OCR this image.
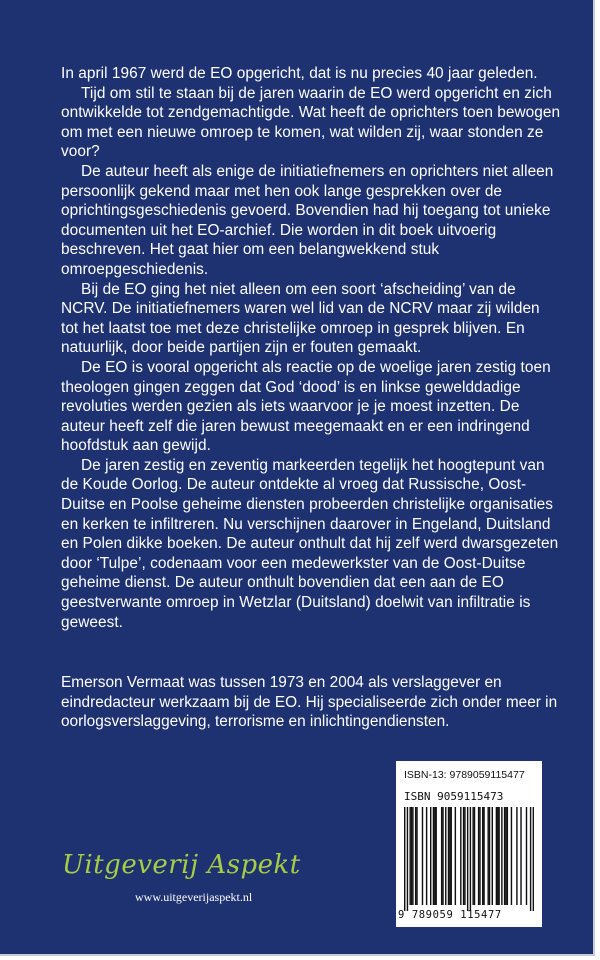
In april 1967 werd de EO opgericht, dat is nu precies 40 jaar geleden.

Tijd om stil te staan bij de jaren waarin de EO werd opgericht en zich ontwikkelde tot zendgemachtigde. Wat heeft de oprichters toen bewogen om met een nieuwe omroep te komen, wat wilden zij, waar stonden ze voor?

De auteur heeft als enige de initiatiefnemers en oprichters niet alleen persoonlijk gekend maar met hen ook lange gesprekken over de oprichtingsgeschiedenis gevoerd. Bovendien had hij toegang tot unieke documenten uit het EO-archief. Die worden in dit boek uitvoerig beschreven. Het gaat hier om een belangwekkend stuk omroepgeschiedenis.

Bij de EO ging het niet alleen om een soort ‘afscheiding’ van de NCRV. De initiatiefnemers waren wel lid van de NCRV maar zij wilden tot het laatst toe met deze christelijke omroep in gesprek blijven. En natuurlijk, door beide partijen zijn er fouten gemaakt.

De EO is vooral opgericht als reactie op de woelige jaren zestig toen theologen gingen zeggen dat God ‘dood’ is en linkse gewelddadige revoluties werden gezien als iets waarvoor je je moest inzetten. De auteur heeft zelf die jaren bewust meegemaakt en er een indringend hoofdstuk aan gewijd.

De jaren zestig en zeventig markeerden tegelijk het hoogtepunt van de Koude Oorlog. De auteur ontdekte al vroeg dat Russische, Oost-Duitse en Poolse geheime diensten probeerden christelijke organisaties en kerken te infiltreren. Nu verschijnen daarover in Engeland, Duitsland en Polen dikke boeken. De auteur onthult dat hij zelf werd dwarsgezeten door ‘Tulpe’, codenaam voor een medewerkster van de Oost-Duitse geheime dienst. De auteur onthult bovendien dat een aan de EO geestverwante omroep in Wetzlar (Duitsland) doelwit van infiltratie is geweest.

Emerson Vermaat was tussen 1973 en 2004 als verslaggever en eindredacteur werkzaam bij de EO. Hij specialiseerde zich onder meer in oorlogsverslaggeving, terrorisme en inlichtingendiensten.

Uitgeverij Aspekt

www.uitgeverijaspekt.nl

ISBN-13: 9789059115477

ISBN 9059115473

9 789059 115477
